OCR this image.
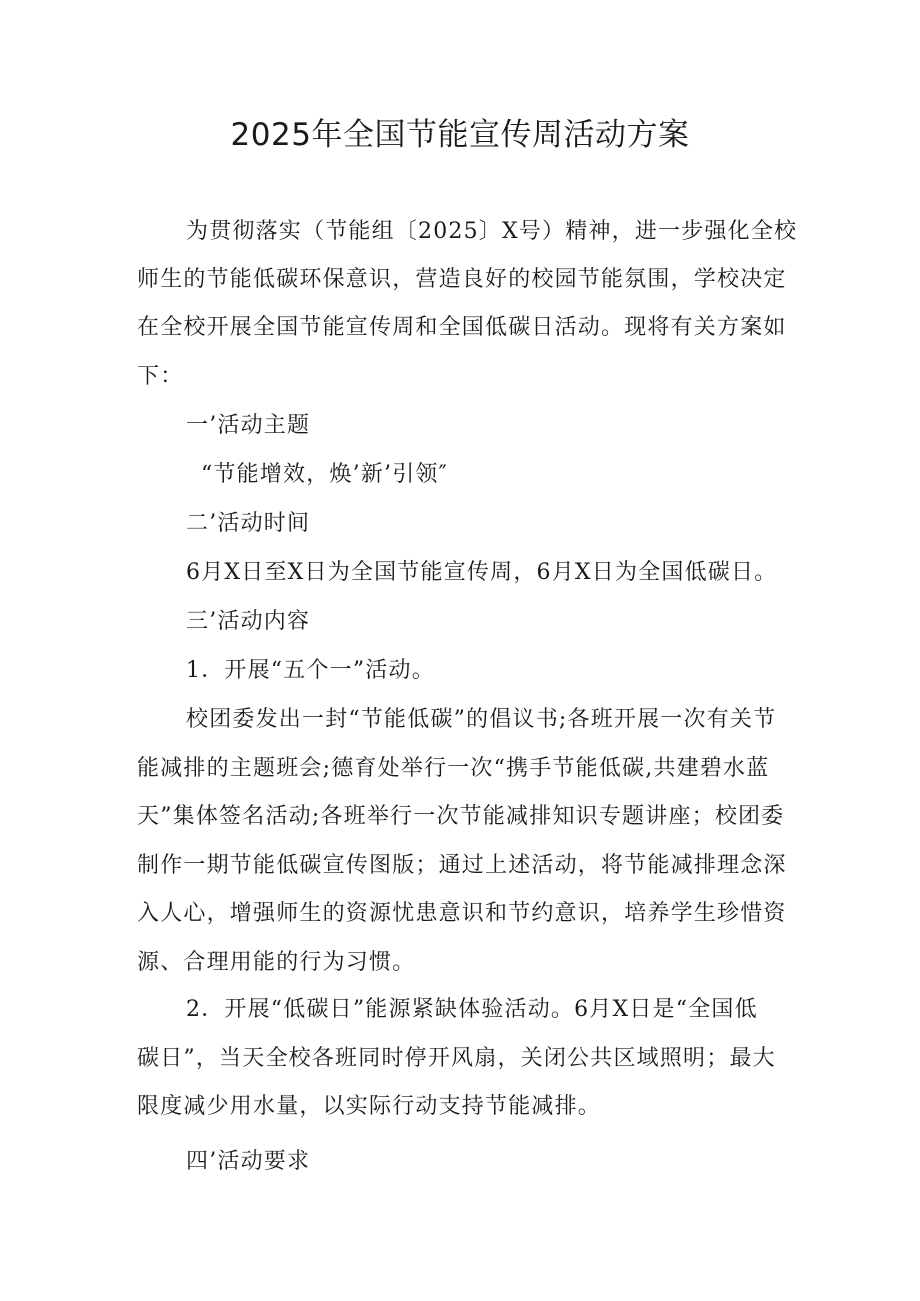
2025年全国节能宣传周活动方案
为贯彻落实（节能组〔2025〕X号）精神，进一步强化全校
师生的节能低碳环保意识，营造良好的校园节能氛围，学校决定
在全校开展全国节能宣传周和全国低碳日活动。现将有关方案如
下：
一’活动主题
“节能增效，焕’新’引领″
二’活动时间
6月X日至X日为全国节能宣传周，6月X日为全国低碳日。
三’活动内容
1．开展“五个一”活动。
校团委发出一封“节能低碳”的倡议书;各班开展一次有关节
能减排的主题班会;德育处举行一次“携手节能低碳,共建碧水蓝
天”集体签名活动;各班举行一次节能减排知识专题讲座；校团委
制作一期节能低碳宣传图版；通过上述活动，将节能减排理念深
入人心，增强师生的资源忧患意识和节约意识，培养学生珍惜资
源、合理用能的行为习惯。
2．开展“低碳日”能源紧缺体验活动。6月X日是“全国低
碳日”，当天全校各班同时停开风扇，关闭公共区域照明；最大
限度减少用水量，以实际行动支持节能减排。
四’活动要求
